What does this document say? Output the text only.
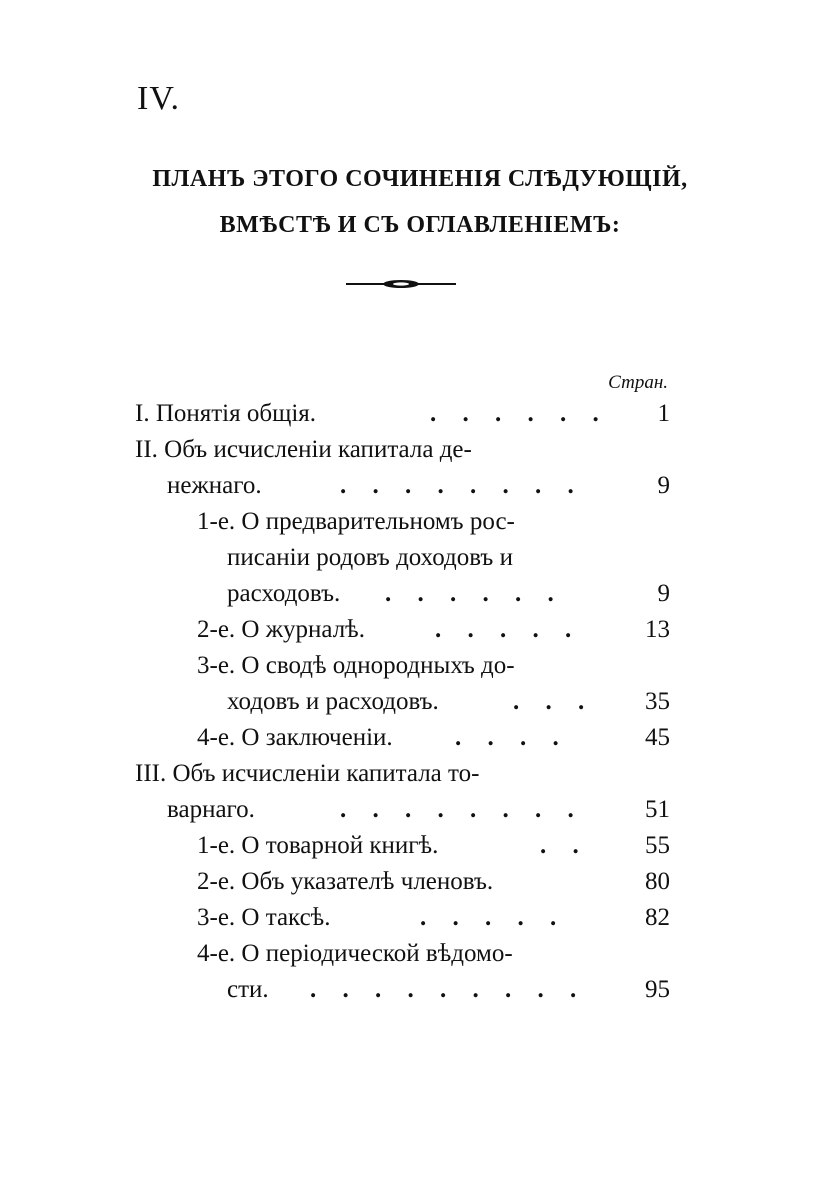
IV.
ПЛАНЪ ЭТОГО СОЧИНЕНІЯ СЛѢДУЮЩІЙ,
ВМѢСТѢ И СЪ ОГЛАВЛЕНІЕМЪ:
Стран.
I. Понятія общія.	. . . . . .	1
II. Объ исчисленіи капитала де-
нежнаго.	. . . . . . . .	9
1-е. О предварительномъ рос-
писаніи родовъ доходовъ и
расходовъ. . . . . . .	9
2-е. О журналѣ.	. . . . .	13
3-е. О сводѣ однородныхъ до-
ходовъ и расходовъ.	. . .	35
4-е. О заключеніи. . . . .	45
III. Объ исчисленіи капитала то-
варнаго.	. . . . . . . .	51
1-е. О товарной книгѣ.	. .	55
2-е. Объ указателѣ членовъ.	80
3-е. О таксѣ.	. . . . .	82
4-е. О періодической вѣдомо-
сти. . . . . . . . . .	95
